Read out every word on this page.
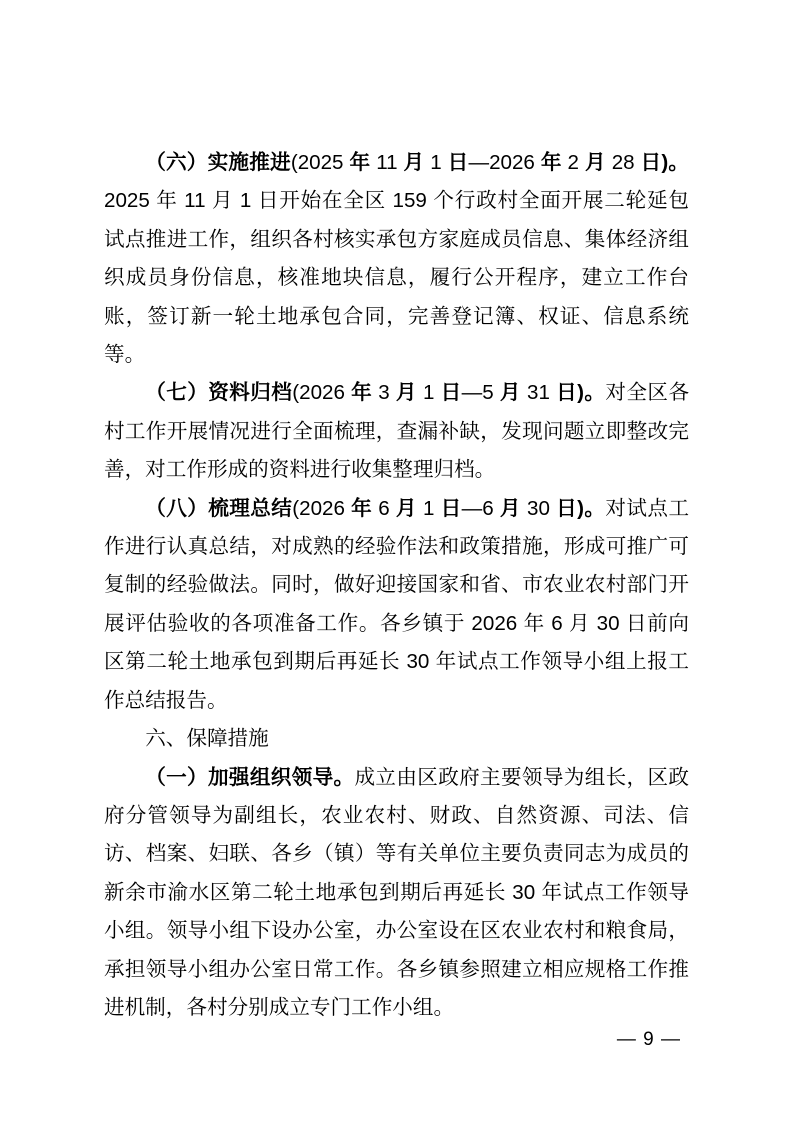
（六）实施推进(2025 年 11 月 1 日—2026 年 2 月 28 日)。2025 年 11 月 1 日开始在全区 159 个行政村全面开展二轮延包试点推进工作，组织各村核实承包方家庭成员信息、集体经济组织成员身份信息，核准地块信息，履行公开程序，建立工作台账，签订新一轮土地承包合同，完善登记簿、权证、信息系统等。

（七）资料归档(2026 年 3 月 1 日—5 月 31 日)。对全区各村工作开展情况进行全面梳理，查漏补缺，发现问题立即整改完善，对工作形成的资料进行收集整理归档。

（八）梳理总结(2026 年 6 月 1 日—6 月 30 日)。对试点工作进行认真总结，对成熟的经验作法和政策措施，形成可推广可复制的经验做法。同时，做好迎接国家和省、市农业农村部门开展评估验收的各项准备工作。各乡镇于 2026 年 6 月 30 日前向区第二轮土地承包到期后再延长 30 年试点工作领导小组上报工作总结报告。

六、保障措施

（一）加强组织领导。成立由区政府主要领导为组长，区政府分管领导为副组长，农业农村、财政、自然资源、司法、信访、档案、妇联、各乡（镇）等有关单位主要负责同志为成员的新余市渝水区第二轮土地承包到期后再延长 30 年试点工作领导小组。领导小组下设办公室，办公室设在区农业农村和粮食局，承担领导小组办公室日常工作。各乡镇参照建立相应规格工作推进机制，各村分别成立专门工作小组。

— 9 —
